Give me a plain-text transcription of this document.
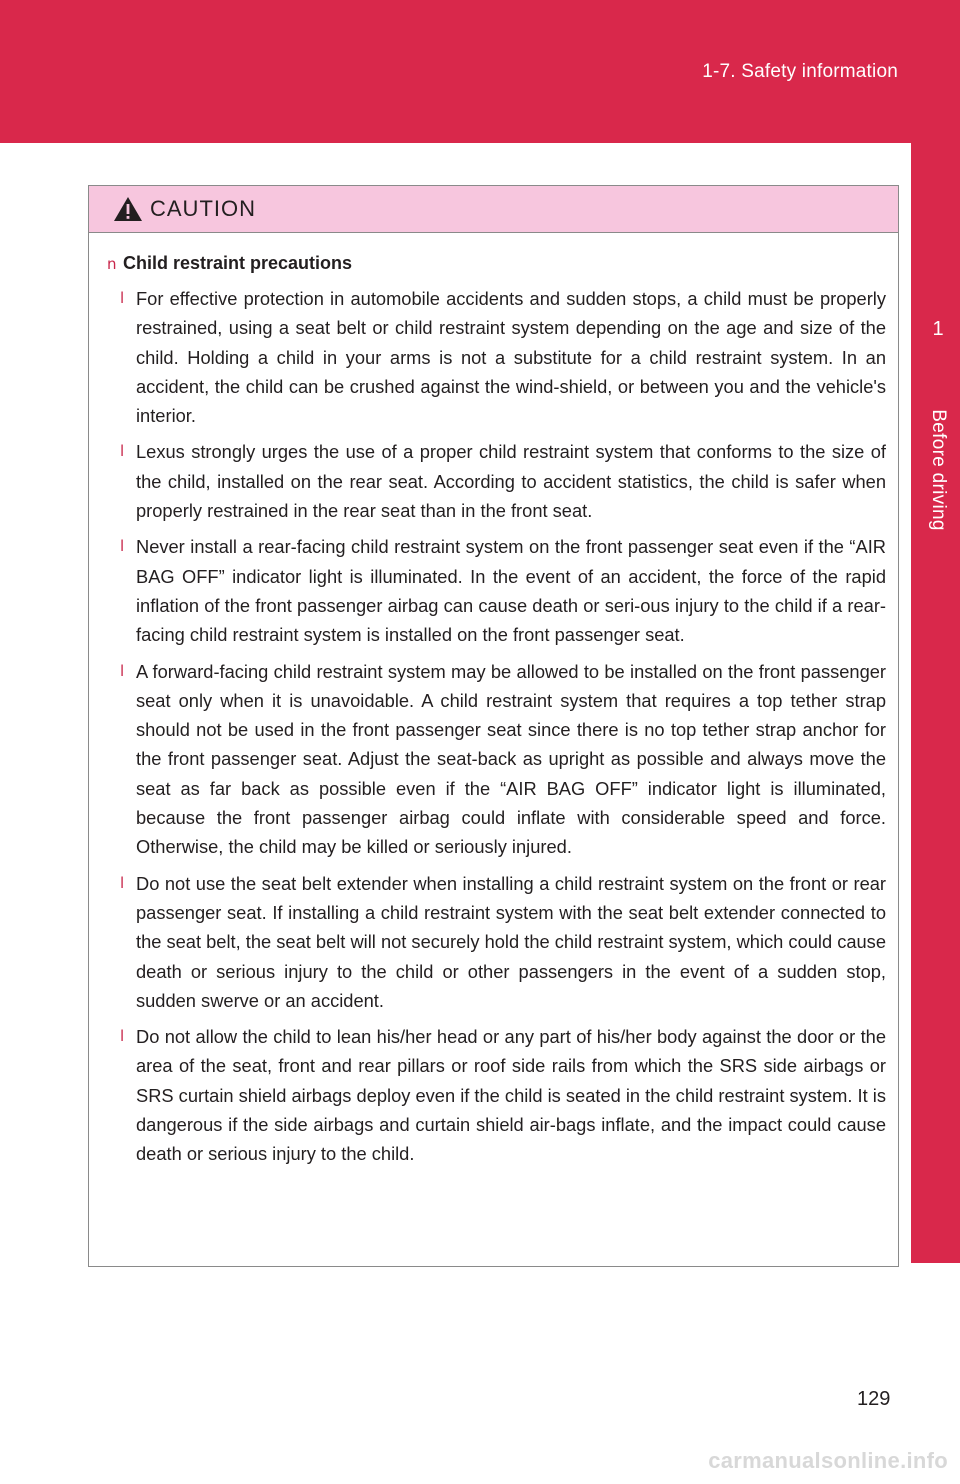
1-7. Safety information
1
Before driving
CAUTION
n Child restraint precautions
l For effective protection in automobile accidents and sudden stops, a child must be properly restrained, using a seat belt or child restraint system depending on the age and size of the child. Holding a child in your arms is not a substitute for a child restraint system. In an accident, the child can be crushed against the wind-shield, or between you and the vehicle's interior.
l Lexus strongly urges the use of a proper child restraint system that conforms to the size of the child, installed on the rear seat. According to accident statistics, the child is safer when properly restrained in the rear seat than in the front seat.
l Never install a rear-facing child restraint system on the front passenger seat even if the “AIR BAG OFF” indicator light is illuminated. In the event of an accident, the force of the rapid inflation of the front passenger airbag can cause death or seri-ous injury to the child if a rear-facing child restraint system is installed on the front passenger seat.
l A forward-facing child restraint system may be allowed to be installed on the front passenger seat only when it is unavoidable. A child restraint system that requires a top tether strap should not be used in the front passenger seat since there is no top tether strap anchor for the front passenger seat. Adjust the seat-back as upright as possible and always move the seat as far back as possible even if the “AIR BAG OFF” indicator light is illuminated, because the front passenger airbag could inflate with considerable speed and force. Otherwise, the child may be killed or seriously injured.
l Do not use the seat belt extender when installing a child restraint system on the front or rear passenger seat. If installing a child restraint system with the seat belt extender connected to the seat belt, the seat belt will not securely hold the child restraint system, which could cause death or serious injury to the child or other passengers in the event of a sudden stop, sudden swerve or an accident.
l Do not allow the child to lean his/her head or any part of his/her body against the door or the area of the seat, front and rear pillars or roof side rails from which the SRS side airbags or SRS curtain shield airbags deploy even if the child is seated in the child restraint system. It is dangerous if the side airbags and curtain shield air-bags inflate, and the impact could cause death or serious injury to the child.
129
carmanualsonline.info
